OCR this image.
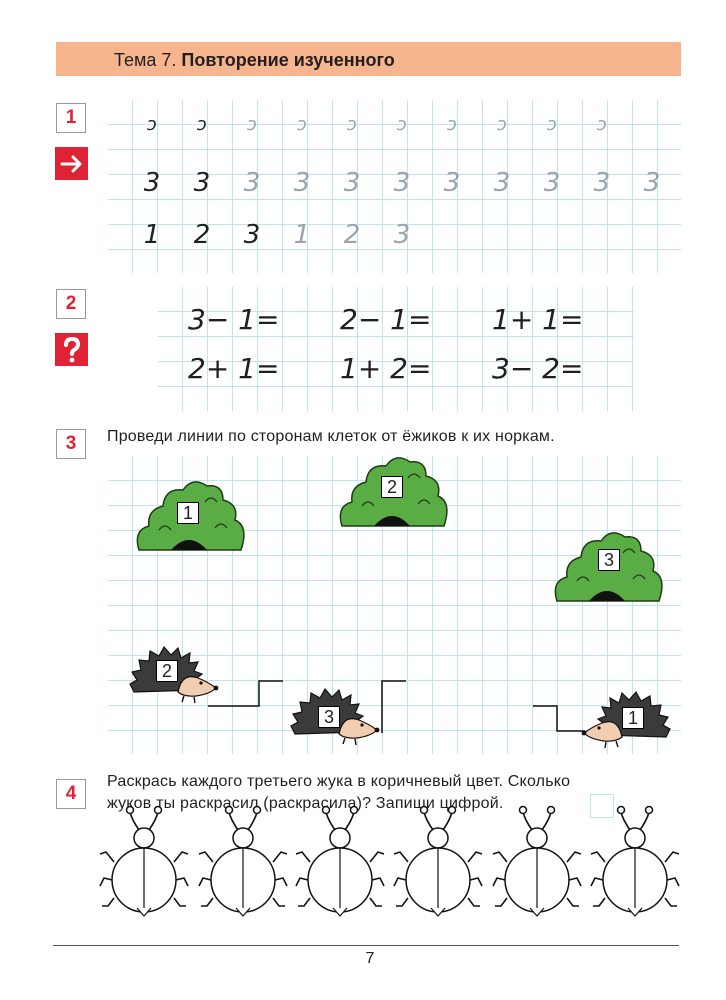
Тема 7. Повторение изученного
1	ɔ	ɔ	ɔ	ɔ	ɔ	ɔ	ɔ	ɔ	ɔ	ɔ
3	3	3	3	3	3	3	3	3	3	3
1	2	3	1	2	3
2	3− 1= 2− 1= 1+ 1=
2+ 1= 1+ 2= 3− 2=
3	Проведи линии по сторонам клеток от ёжиков к их норкам.
1
2
3
2
3	1
4
Раскрась каждого третьего жука в коричневый цвет. Сколько
жуков ты раскрасил (раскрасила)? Запиши цифрой.
7
